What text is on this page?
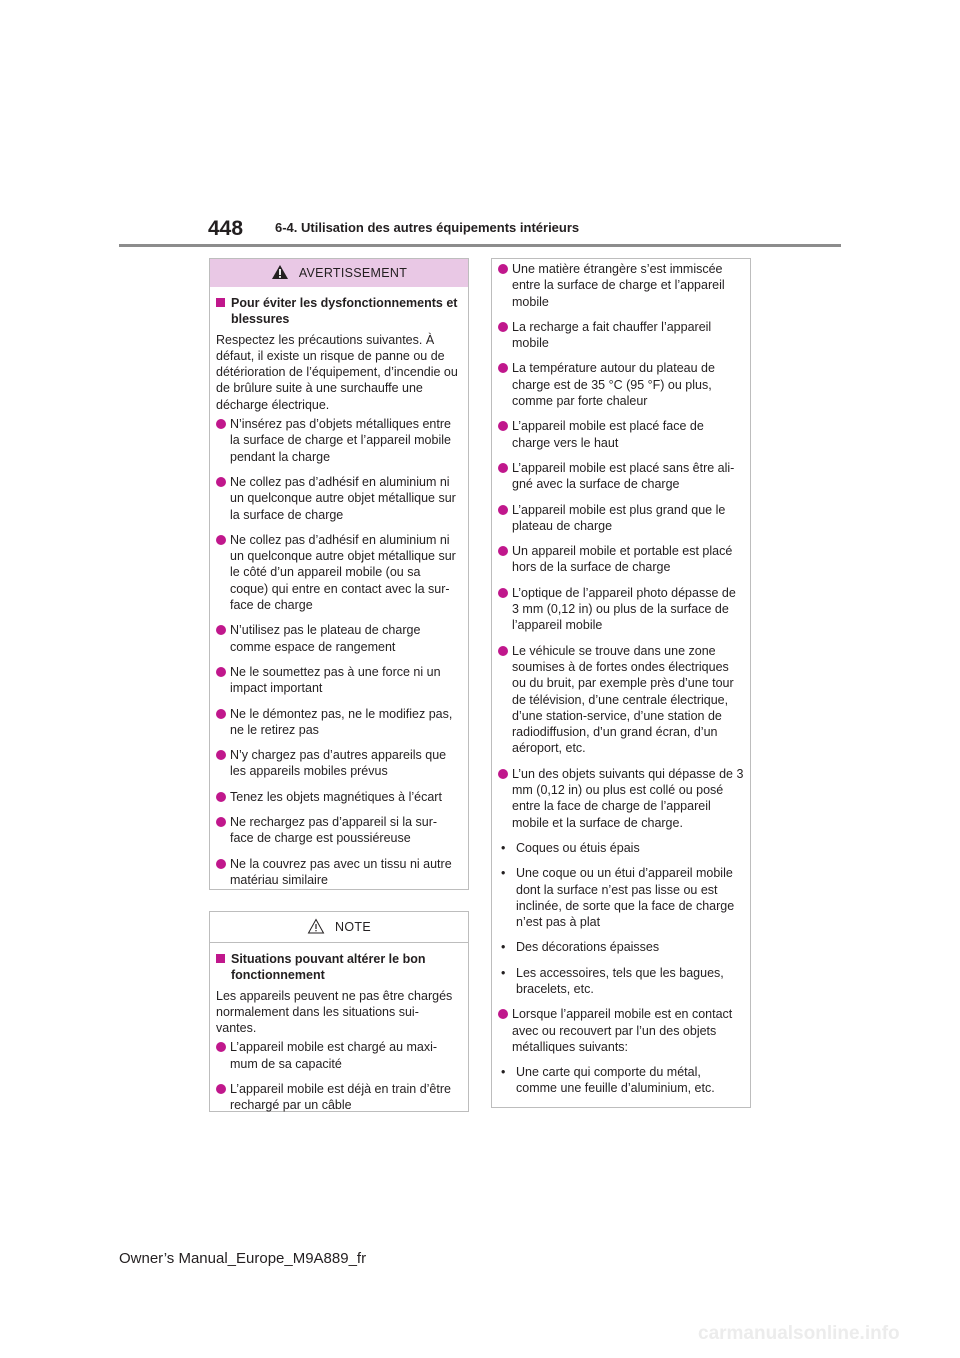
448 6-4. Utilisation des autres équipements intérieurs
AVERTISSEMENT
Pour éviter les dysfonctionnements et blessures
Respectez les précautions suivantes. À défaut, il existe un risque de panne ou de détérioration de l’équipement, d’incendie ou de brûlure suite à une surchauffe une décharge électrique.
N’insérez pas d’objets métalliques entre la surface de charge et l’appareil mobile pendant la charge
Ne collez pas d’adhésif en aluminium ni un quelconque autre objet métallique sur la surface de charge
Ne collez pas d’adhésif en aluminium ni un quelconque autre objet métallique sur le côté d’un appareil mobile (ou sa coque) qui entre en contact avec la sur- face de charge
N’utilisez pas le plateau de charge comme espace de rangement
Ne le soumettez pas à une force ni un impact important
Ne le démontez pas, ne le modifiez pas, ne le retirez pas
N’y chargez pas d’autres appareils que les appareils mobiles prévus
Tenez les objets magnétiques à l’écart
Ne rechargez pas d’appareil si la sur- face de charge est poussiéreuse
Ne la couvrez pas avec un tissu ni autre matériau similaire
NOTE
Situations pouvant altérer le bon fonctionnement
Les appareils peuvent ne pas être chargés normalement dans les situations sui- vantes.
L’appareil mobile est chargé au maxi- mum de sa capacité
L’appareil mobile est déjà en train d’être rechargé par un câble
Une matière étrangère s’est immiscée entre la surface de charge et l’appareil mobile
La recharge a fait chauffer l’appareil mobile
La température autour du plateau de charge est de 35 °C (95 °F) ou plus, comme par forte chaleur
L’appareil mobile est placé face de charge vers le haut
L’appareil mobile est placé sans être ali- gné avec la surface de charge
L’appareil mobile est plus grand que le plateau de charge
Un appareil mobile et portable est placé hors de la surface de charge
L’optique de l’appareil photo dépasse de 3 mm (0,12 in) ou plus de la surface de l’appareil mobile
Le véhicule se trouve dans une zone soumises à de fortes ondes électriques ou du bruit, par exemple près d’une tour de télévision, d’une centrale électrique, d’une station-service, d’une station de radiodiffusion, d’un grand écran, d’un aéroport, etc.
L’un des objets suivants qui dépasse de 3 mm (0,12 in) ou plus est collé ou posé entre la face de charge de l’appareil mobile et la surface de charge.
• Coques ou étuis épais
• Une coque ou un étui d’appareil mobile dont la surface n’est pas lisse ou est inclinée, de sorte que la face de charge n’est pas à plat
• Des décorations épaisses
• Les accessoires, tels que les bagues, bracelets, etc.
Lorsque l’appareil mobile est en contact avec ou recouvert par l’un des objets métalliques suivants:
• Une carte qui comporte du métal, comme une feuille d’aluminium, etc.
Owner’s Manual_Europe_M9A889_fr
carmanualsonline.info
